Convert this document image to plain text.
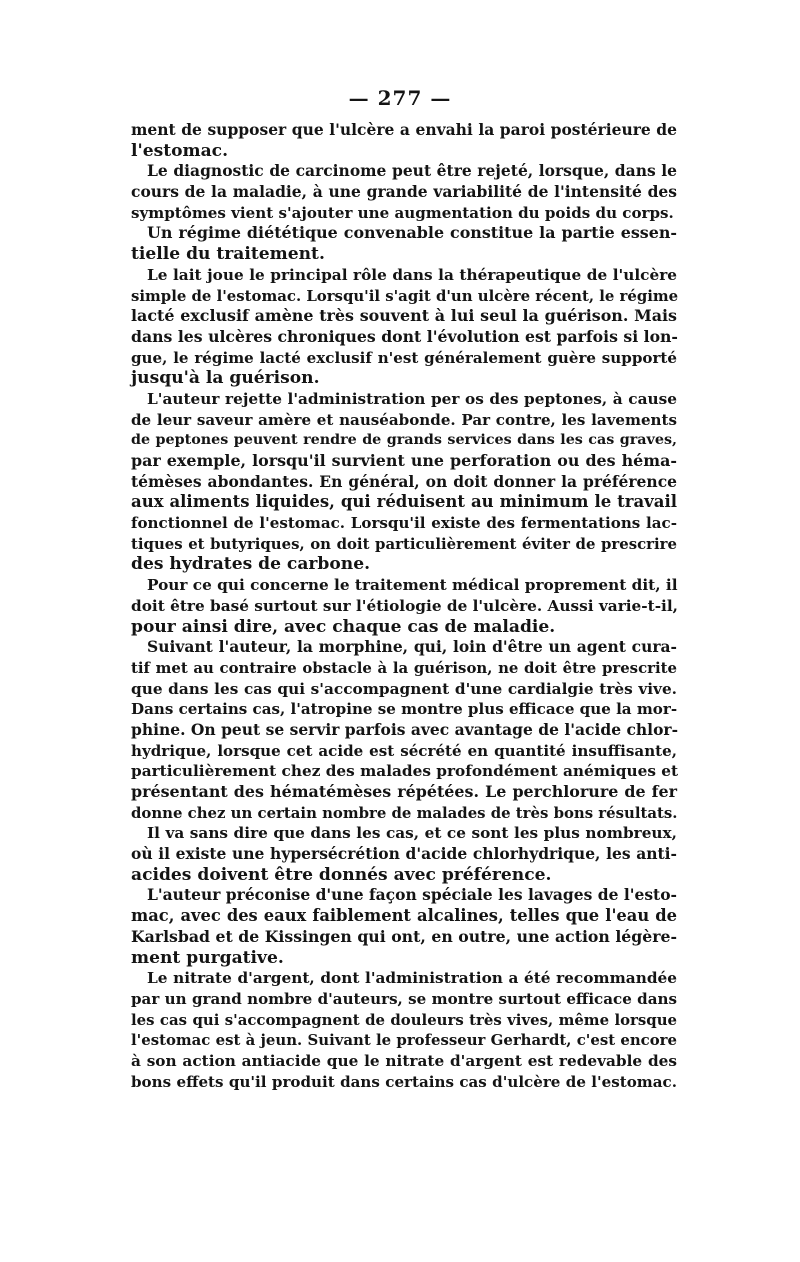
— 277 —
ment de supposer que l'ulcère a envahi la paroi postérieure de
l'estomac.
Le diagnostic de carcinome peut être rejeté, lorsque, dans le
cours de la maladie, à une grande variabilité de l'intensité des
symptômes vient s'ajouter une augmentation du poids du corps.
Un régime diététique convenable constitue la partie essen-
tielle du traitement.
Le lait joue le principal rôle dans la thérapeutique de l'ulcère
simple de l'estomac. Lorsqu'il s'agit d'un ulcère récent, le régime
lacté exclusif amène très souvent à lui seul la guérison. Mais
dans les ulcères chroniques dont l'évolution est parfois si lon-
gue, le régime lacté exclusif n'est généralement guère supporté
jusqu'à la guérison.
L'auteur rejette l'administration per os des peptones, à cause
de leur saveur amère et nauséabonde. Par contre, les lavements
de peptones peuvent rendre de grands services dans les cas graves,
par exemple, lorsqu'il survient une perforation ou des héma-
témèses abondantes. En général, on doit donner la préférence
aux aliments liquides, qui réduisent au minimum le travail
fonctionnel de l'estomac. Lorsqu'il existe des fermentations lac-
tiques et butyriques, on doit particulièrement éviter de prescrire
des hydrates de carbone.
Pour ce qui concerne le traitement médical proprement dit, il
doit être basé surtout sur l'étiologie de l'ulcère. Aussi varie-t-il,
pour ainsi dire, avec chaque cas de maladie.
Suivant l'auteur, la morphine, qui, loin d'être un agent cura-
tif met au contraire obstacle à la guérison, ne doit être prescrite
que dans les cas qui s'accompagnent d'une cardialgie très vive.
Dans certains cas, l'atropine se montre plus efficace que la mor-
phine. On peut se servir parfois avec avantage de l'acide chlor-
hydrique, lorsque cet acide est sécrété en quantité insuffisante,
particulièrement chez des malades profondément anémiques et
présentant des hématémèses répétées. Le perchlorure de fer
donne chez un certain nombre de malades de très bons résultats.
Il va sans dire que dans les cas, et ce sont les plus nombreux,
où il existe une hypersécrétion d'acide chlorhydrique, les anti-
acides doivent être donnés avec préférence.
L'auteur préconise d'une façon spéciale les lavages de l'esto-
mac, avec des eaux faiblement alcalines, telles que l'eau de
Karlsbad et de Kissingen qui ont, en outre, une action légère-
ment purgative.
Le nitrate d'argent, dont l'administration a été recommandée
par un grand nombre d'auteurs, se montre surtout efficace dans
les cas qui s'accompagnent de douleurs très vives, même lorsque
l'estomac est à jeun. Suivant le professeur Gerhardt, c'est encore
à son action antiacide que le nitrate d'argent est redevable des
bons effets qu'il produit dans certains cas d'ulcère de l'estomac.
